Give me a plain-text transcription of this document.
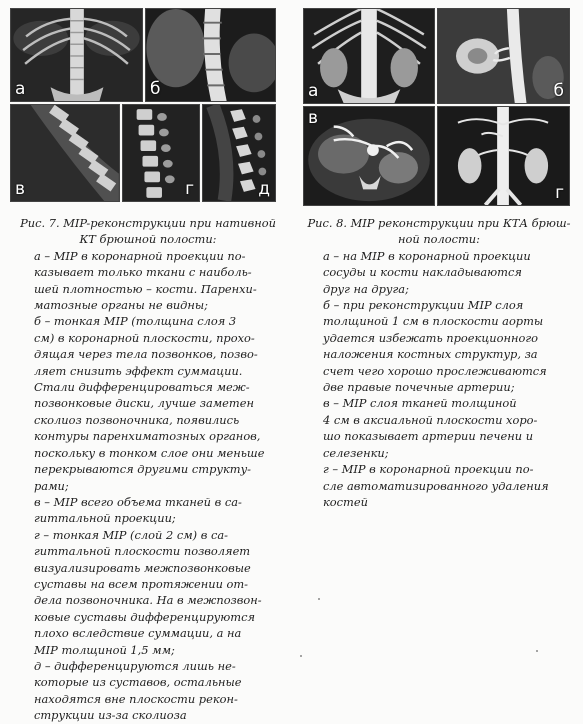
а	б
в	г	д
а	б
в
г
Рис. 7. MIP-реконструкции при нативной
КТ брюшной полости:
а – MIP в коронарной проекции по-
казывает только ткани с наиболь-
шей плотностью – кости. Паренхи-
матозные органы не видны;
б – тонкая MIP (толщина слоя 3
см) в коронарной плоскости, прохо-
дящая через тела позвонков, позво-
ляет снизить эффект суммации.
Стали дифференцироваться меж-
позвонковые диски, лучше заметен
сколиоз позвоночника, появились
контуры паренхиматозных органов,
поскольку в тонком слое они меньше
перекрываются другими структу-
рами;
в – MIP всего объема тканей в са-
гиттальной проекции;
г – тонкая MIP (слой 2 см) в са-
гиттальной плоскости позволяет
визуализировать межпозвонковые
суставы на всем протяжении от-
дела позвоночника. На в межпозвон-
ковые суставы дифференцируются
плохо вследствие суммации, а на
MIP толщиной 1,5 мм;
д – дифференцируются лишь не-
которые из суставов, остальные
находятся вне плоскости рекон-
струкции из-за сколиоза
Рис. 8. MIP реконструкции при КТА брюш-
ной полости:
а – на MIP в коронарной проекции
сосуды и кости накладываются
друг на друга;
б – при реконструкции MIP слоя
толщиной 1 см в плоскости аорты
удается избежать проекционного
наложения костных структур, за
счет чего хорошо прослеживаются
две правые почечные артерии;
в – MIP слоя тканей толщиной
4 см в аксиальной плоскости хоро-
шо показывает артерии печени и
селезенки;
г – MIP в коронарной проекции по-
сле автоматизированного удаления
костей
